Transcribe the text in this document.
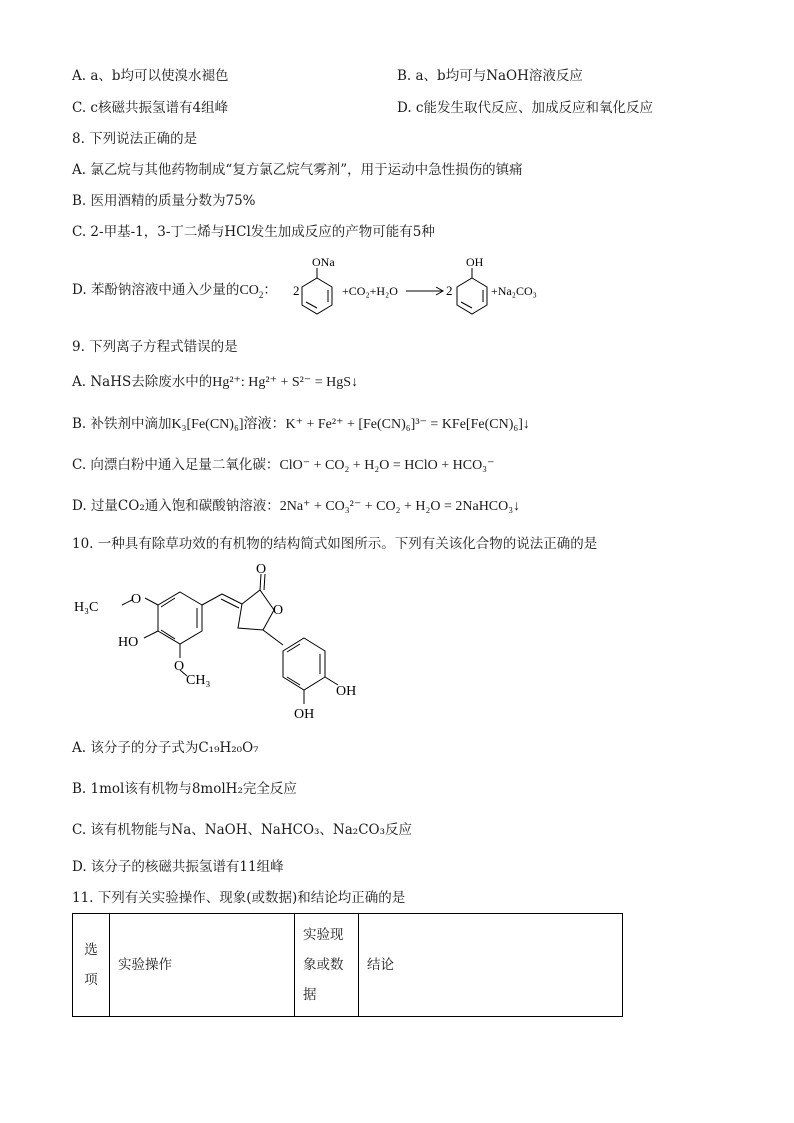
A. a、b均可以使溴水褪色	B. a、b均可与NaOH溶液反应
C. c核磁共振氢谱有4组峰	D. c能发生取代反应、加成反应和氧化反应
8. 下列说法正确的是
A. 氯乙烷与其他药物制成“复方氯乙烷气雾剂”，用于运动中急性损伤的镇痛
B. 医用酒精的质量分数为75%
C. 2-甲基-1，3-丁二烯与HCl发生加成反应的产物可能有5种
D. 苯酚钠溶液中通入少量的$CO_2$： 2
ONa
+CO₂+H₂O	2
OH
+Na₂CO₃
9. 下列离子方程式错误的是
A. NaHS去除废水中的Hg²⁺: Hg²⁺ + S²⁻ = HgS↓
B. 补铁剂中滴加K₃[Fe(CN)₆]溶液：K⁺ + Fe²⁺ + [Fe(CN)₆]³⁻ = KFe[Fe(CN)₆]↓
C. 向漂白粉中通入足量二氧化碳：ClO⁻ + CO₂ + H₂O = HClO + HCO₃⁻
D. 过量CO₂通入饱和碳酸钠溶液：2Na⁺ + CO₃²⁻ + CO₂ + H₂O = 2NaHCO₃↓
10. 一种具有除草功效的有机物的结构简式如图所示。下列有关该化合物的说法正确的是
H₃C
O
HO
O
CH₃
O
O
OH
OH
A. 该分子的分子式为C₁₉H₂₀O₇
B. 1mol该有机物与8molH₂完全反应
C. 该有机物能与Na、NaOH、NaHCO₃、Na₂CO₃反应
D. 该分子的核磁共振氢谱有11组峰
11. 下列有关实验操作、现象(或数据)和结论均正确的是
选项	实验操作	实验现象或数据	结论
